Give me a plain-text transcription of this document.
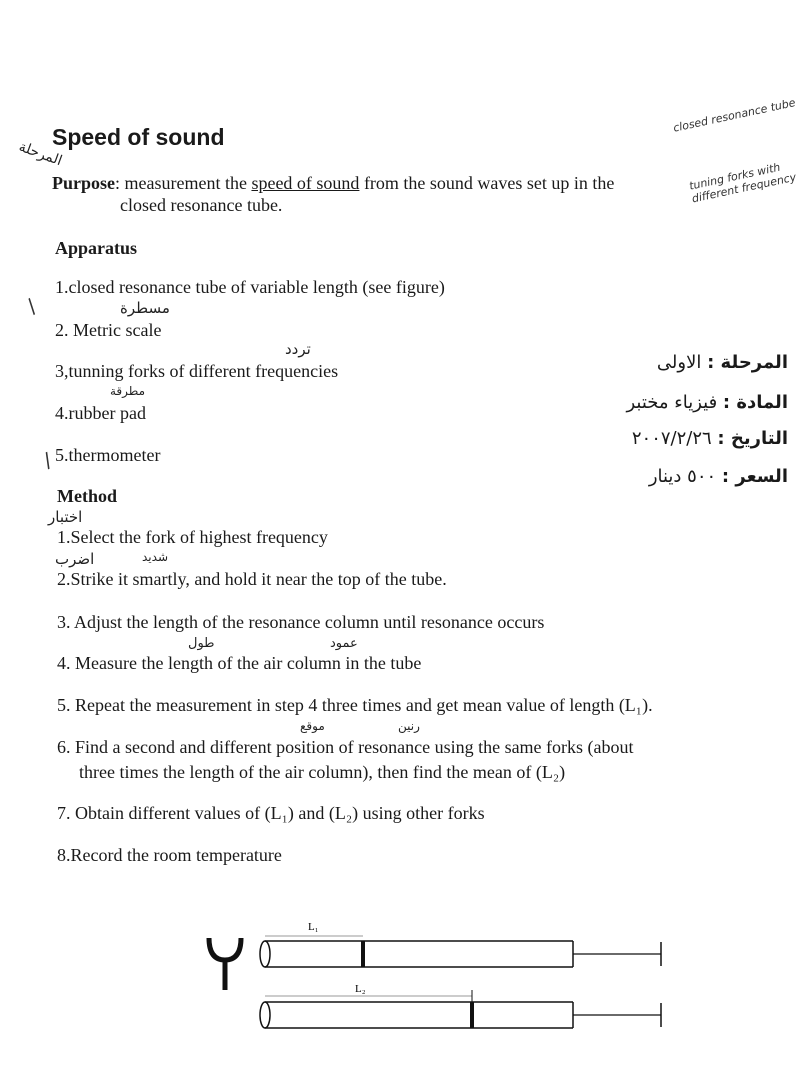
Speed of sound
closed resonance tube
tuning forks with different frequency
المرحلة
Purpose: measurement the speed of sound from the sound waves set up in the
closed resonance tube.
Apparatus
1.closed resonance tube of variable length (see figure)
مسطرة
2. Metric scale
تردد
3,tunning forks of different frequencies
مطرقة
4.rubber pad
5.thermometer
المرحلة : الاولى
المادة : فيزياء مختبر
التاريخ : ٢٠٠٧/٢/٢٦
السعر : ٥٠٠ دينار
Method
اختبار
1.Select the fork of highest frequency
اضرب	شديد
2.Strike it smartly, and hold it near the top of the tube.
3. Adjust the length of the resonance column until resonance occurs
طول	عمود
4. Measure the length of the air column in the tube
5. Repeat the measurement in step 4 three times and get mean value of length (L₁).
موقع	رنين
6. Find a second and different position of resonance using the same forks (about
three times the length of the air column), then find the mean of (L₂)
7. Obtain different values of (L₁) and (L₂) using other forks
8.Record the room temperature
/
/
L₁
L₂
